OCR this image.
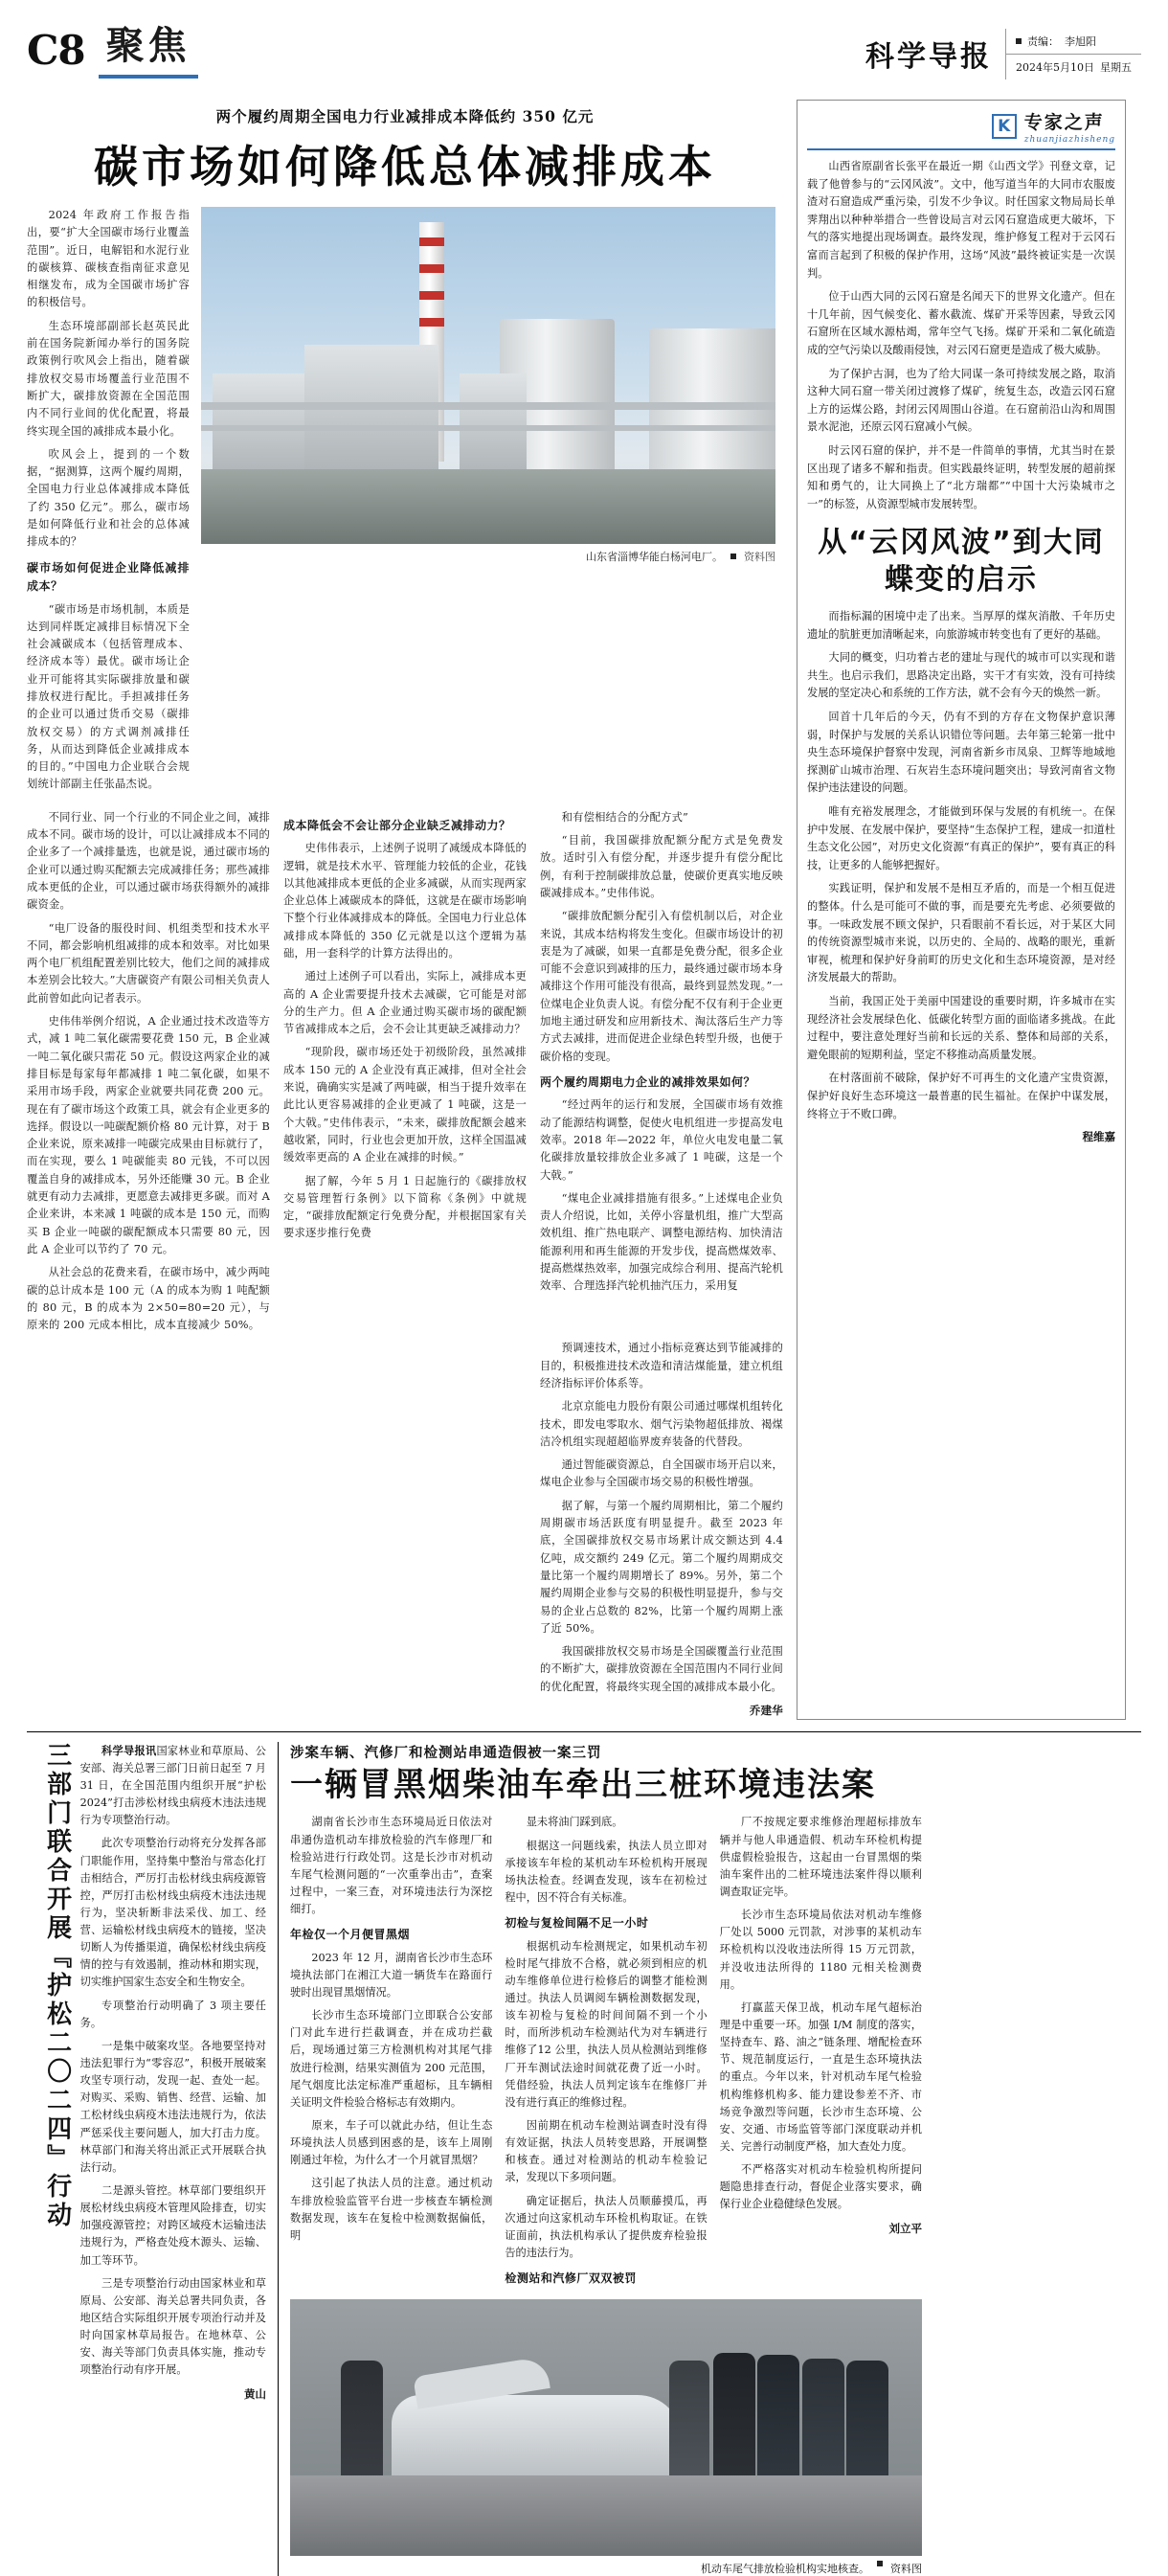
C8 聚焦	科学导报	责编： 李旭阳
2024年5月10日 星期五
两个履约周期全国电力行业减排成本降低约 350 亿元
碳市场如何降低总体减排成本

2024 年政府工作报告指出，要“扩大全国碳市场行业覆盖范围”。近日，电解铝和水泥行业的碳核算、碳核查指南征求意见相继发布，成为全国碳市场扩容的积极信号。

生态环境部副部长赵英民此前在国务院新闻办举行的国务院政策例行吹风会上指出，随着碳排放权交易市场覆盖行业范围不断扩大，碳排放资源在全国范围内不同行业间的优化配置，将最终实现全国的减排成本最小化。

吹风会上，提到的一个数据，“据测算，这两个履约周期，全国电力行业总体减排成本降低了约 350 亿元”。那么，碳市场是如何降低行业和社会的总体减排成本的？

碳市场如何促进企业降低减排成本？

“碳市场是市场机制，本质是达到同样既定减排目标情况下全社会减碳成本（包括管理成本、经济成本等）最优。碳市场让企业开可能将其实际碳排放量和碳排放权进行配比。手担减排任务的企业可以通过货币交易（碳排放权交易）的方式调剂减排任务，从而达到降低企业减排成本的目的。”中国电力企业联合会规划统计部副主任张晶杰说。

山东省淄博华能白杨河电厂。 资料图

不同行业、同一个行业的不同企业之间，减排成本不同。碳市场的设计，可以让减排成本不同的企业多了一个减排量选，也就是说，通过碳市场的企业可以通过购买配额去完成减排任务；那些减排成本更低的企业，可以通过碳市场获得额外的减排碳资金。

“电厂设备的服役时间、机组类型和技术水平不同，都会影响机组减排的成本和效率。对比如果两个电厂机组配置差别比较大，他们之间的减排成本差别会比较大。”大唐碳资产有限公司相关负责人此前曾如此向记者表示。

史伟伟举例介绍说，A 企业通过技术改造等方式，减 1 吨二氧化碳需要花费 150 元，B 企业减一吨二氧化碳只需花 50 元。假设这两家企业的减排目标是每家每年都减排 1 吨二氧化碳，如果不采用市场手段，两家企业就要共同花费 200 元。现在有了碳市场这个政策工具，就会有企业更多的选择。假设以一吨碳配额价格 80 元计算，对于 B 企业来说，原来减排一吨碳完成果由目标就行了，而在实现，要么 1 吨碳能卖 80 元钱，不可以因覆盖自身的减排成本，另外还能赚 30 元。B 企业就更有动力去减排，更愿意去减排更多碳。而对 A 企业来讲，本来减 1 吨碳的成本是 150 元，而购买 B 企业一吨碳的碳配额成本只需要 80 元，因此 A 企业可以节约了 70 元。

从社会总的花费来看，在碳市场中，减少两吨碳的总计成本是 100 元（A 的成本为购 1 吨配额的 80 元，B 的成本为 2×50=80=20 元），与原来的 200 元成本相比，成本直接减少 50%。

成本降低会不会让部分企业缺乏减排动力？

史伟伟表示，上述例子说明了减缓成本降低的逻辑，就是技术水平、管理能力较低的企业，花钱以其他减排成本更低的企业多减碳，从而实现两家企业总体上减碳成本的降低，这就是在碳市场影响下整个行业体减排成本的降低。全国电力行业总体减排成本降低的 350 亿元就是以这个逻辑为基础，用一套科学的计算方法得出的。

通过上述例子可以看出，实际上，减排成本更高的 A 企业需要提升技术去减碳，它可能是对部分的生产力。但 A 企业通过购买碳市场的碳配额节省减排成本之后，会不会让其更缺乏减排动力？

“现阶段，碳市场还处于初级阶段，虽然减排成本 150 元的 A 企业没有真正减排，但对全社会来说，确确实实是减了两吨碳，相当于提升效率在此比认更容易减排的企业更减了 1 吨碳，这是一个大戟。”史伟伟表示，“未来，碳排放配额会越来越收紧，同时，行业也会更加开放，这样全国温减缓效率更高的 A 企业在减排的时候。”

据了解，今年 5 月 1 日起施行的《碳排放权交易管理暂行条例》以下简称《条例》中就规定，“碳排放配额定行免费分配，并根据国家有关要求逐步推行免费

和有偿相结合的分配方式”

“目前，我国碳排放配额分配方式是免费发放。适时引入有偿分配，并逐步提升有偿分配比例，有利于控制碳排放总量，使碳价更真实地反映碳减排成本。”史伟伟说。

“碳排放配额分配引入有偿机制以后，对企业来说，其成本结构将发生变化。但碳市场设计的初衷是为了减碳，如果一直都是免费分配，很多企业可能不会意识到减排的压力，最终通过碳市场本身减排这个作用可能没有很高，最终到显然发现。”一位煤电企业负责人说。有偿分配不仅有利于企业更加地主通过研发和应用新技术、淘汰落后生产力等方式去减排，进而促进企业绿色转型升级，也便于碳价格的变现。

两个履约周期电力企业的减排效果如何？

“经过两年的运行和发展，全国碳市场有效推动了能源结构调整，促使火电机组进一步提高发电效率。2018 年—2022 年，单位火电发电量二氧化碳排放量较排放企业多减了 1 吨碳，这是一个大戟。”

“煤电企业减排措施有很多。”上述煤电企业负责人介绍说，比如，关停小容量机组，推广大型高效机组、推广热电联产、调整电源结构、加快清洁能源利用和再生能源的开发步伐，提高燃煤效率、提高燃煤热效率，加强完成综合利用、提高汽轮机效率、合理选择汽轮机抽汽压力，采用复

预调速技术，通过小指标竞赛达到节能减排的目的，积极推进技术改造和清洁煤能量，建立机组经济指标评价体系等。

北京京能电力股份有限公司通过哪煤机组转化技术，即发电零取水、烟气污染物超低排放、褐煤洁冷机组实现超超临界废弃装备的代替段。

通过智能碳资源总，自全国碳市场开启以来，煤电企业参与全国碳市场交易的积极性增强。

据了解，与第一个履约周期相比，第二个履约周期碳市场活跃度有明显提升。截至 2023 年底，全国碳排放权交易市场累计成交额达到 4.4 亿吨，成交额约 249 亿元。第二个履约周期成交量比第一个履约周期增长了 89%。另外，第二个履约周期企业参与交易的积极性明显提升，参与交易的企业占总数的 82%，比第一个履约周期上涨了近 50%。

我国碳排放权交易市场是全国碳覆盖行业范围的不断扩大，碳排放资源在全国范围内不同行业间的优化配置，将最终实现全国的减排成本最小化。

乔建华
K 专家之声
zhuanjiazhisheng

山西省原副省长张平在最近一期《山西文学》刊登文章，记载了他曾参与的“云冈风波”。文中，他写道当年的大同市农服废渣对石窟造成严重污染，引发不少争议。时任国家文物局局长单霁翔出以种种举措合一些曾设局言对云冈石窟造成更大破坏，下气的落实地提出现场调查。最终发现，维护修复工程对于云冈石富而言起到了积极的保护作用，这场“风波”最终被证实是一次误判。

位于山西大同的云冈石窟是名闻天下的世界文化遗产。但在十几年前，因气候变化、蓄水截流、煤矿开采等因素，导致云冈石窟所在区域水源枯竭，常年空气飞扬。煤矿开采和二氧化硫造成的空气污染以及酸雨侵蚀，对云冈石窟更是造成了极大威胁。

为了保护古洞，也为了给大同谋一条可持续发展之路，取消这种大同石窟一带关闭过渡修了煤矿，统复生态，改造云冈石窟上方的运煤公路，封闭云冈周围山谷道。在石窟前沿山沟和周围景水泥池，还原云冈石窟减小气候。

时云冈石窟的保护，并不是一件简单的事情，尤其当时在景区出现了诸多不解和指责。但实践最终证明，转型发展的超前探知和勇气的，让大同换上了“北方瑞都”“中国十大污染城市之一”的标签，从资源型城市发展转型。

从“云冈风波”到大同蝶变的启示

而指标漏的困境中走了出来。当厚厚的煤灰消散、千年历史遗址的肮脏更加清晰起来，向旅游城市转变也有了更好的基础。

大同的概变，归功着古老的建址与现代的城市可以实现和谐共生。也启示我们，思路决定出路，实干才有实效，没有可持续发展的坚定决心和系统的工作方法，就不会有今天的焕然一新。

回首十几年后的今天，仍有不到的方存在文物保护意识薄弱，时保护与发展的关系认识错位等问题。去年第三轮第一批中央生态环境保护督察中发现，河南省新乡市凤泉、卫辉等地域地探测矿山城市治理、石灰岩生态环境问题突出；导致河南省文物保护违法建设的问题。

唯有充裕发展理念，才能做到环保与发展的有机统一。在保护中发展、在发展中保护，要坚持“生态保护工程，建成一扣道杜生态文化公园”，对历史文化资源“有真正的保护”，要有真正的科技，让更多的人能够把握好。

实践证明，保护和发展不是相互矛盾的，而是一个相互促进的整体。什么是可能可不做的事，而是要充先考虑、必须要做的事。一味政发展不顾文保护，只看眼前不看长远，对于某区大同的传统资源型城市来说，以历史的、全局的、战略的眼光，重新审视，梳理和保护好身前町的历史文化和生态环境资源，是对经济发展最大的帮助。

当前，我国正处于美丽中国建设的重要时期，许多城市在实现经济社会发展绿色化、低碳化转型方面的面临诸多挑战。在此过程中，要注意处理好当前和长远的关系、整体和局部的关系，避免眼前的短期利益，坚定不移推动高质量发展。

在村落面前不破除，保护好不可再生的文化遗产宝贵资源，保护好良好生态环境这一最普惠的民生福祉。在保护中谋发展，终将立于不败口碑。

程维嘉
三部门联合开展『护松二〇二四』行动	科学导报讯国家林业和草原局、公安部、海关总署三部门日前日起至 7 月 31 日，在全国范围内组织开展“护松 2024”打击涉松材线虫病疫木违法违规行为专项整治行动。

此次专项整治行动将充分发挥各部门职能作用，坚持集中整治与常态化打击相结合，严厉打击松材线虫病疫源管控，严厉打击松材线虫病疫木违法违规行为，坚决斩断非法采伐、加工、经营、运输松材线虫病疫木的链接，坚决切断人为传播渠道，确保松材线虫病疫情的控与有效遏制，推动林和期实现，切实维护国家生态安全和生物安全。

专项整治行动明确了 3 项主要任务。

一是集中破案攻坚。各地要坚持对违法犯罪行为“零容忍”，积极开展破案攻坚专项行动，发现一起、查处一起。对购买、采购、销售、经营、运输、加工松材线虫病疫木违法违规行为，依法严惩采伐主要问题人，加大打击力度。林草部门和海关将出派正式开展联合执法行动。

二是源头管控。林草部门要组织开展松材线虫病疫木管理风险排查，切实加强疫源管控；对跨区域疫木运输违法违规行为，严格查处疫木源头、运输、加工等环节。

三是专项整治行动由国家林业和草原局、公安部、海关总署共同负责，各地区结合实际组织开展专项治行动并及时向国家林草局报告。在地林草、公安、海关等部门负责具体实施，推动专项整治行动有序开展。

黄山
涉案车辆、汽修厂和检测站串通造假被一案三罚
一辆冒黑烟柴油车牵出三桩环境违法案

湖南省长沙市生态环境局近日依法对串通伪造机动车排放检验的汽车修理厂和检验站进行行政处罚。这是长沙市对机动车尾气检测问题的“一次重拳出击”，查案过程中，一案三查，对环境违法行为深挖细打。

年检仅一个月便冒黑烟

2023 年 12 月，湖南省长沙市生态环境执法部门在湘江大道一辆货车在路面行驶时出现冒黑烟情况。

长沙市生态环境部门立即联合公安部门对此车进行拦截调查，并在成功拦截后，现场通过第三方检测机构对其尾气排放进行检测，结果实测值为 200 元范围，尾气烟度比法定标准严重超标，且车辆相关证明文件检验合格标志有效期内。

原来，车子可以就此办结，但让生态环境执法人员感到困惑的是，该车上周刚刚通过年检，为什么才一个月就冒黑烟？

这引起了执法人员的注意。通过机动车排放检验监管平台进一步核查车辆检测数据发现，该车在复检中检测数据偏低，明

显未将油门踩到底。

根据这一问题线索，执法人员立即对承接该车年检的某机动车环检机构开展现场执法检查。经调查发现，该车在初检过程中，因不符合有关标准。

初检与复检间隔不足一小时

根据机动车检测规定，如果机动车初检时尾气排放不合格，就必须到相应的机动车维修单位进行检修后的调整才能检测通过。执法人员调阅车辆检测数据发现，该车初检与复检的时间间隔不到一个小时，而所涉机动车检测站代为对车辆进行维修了12 公里，执法人员从检测站到维修厂开车测试法途时间就花费了近一小时。凭借经验，执法人员判定该车在维修厂并没有进行真正的维修过程。

因前期在机动车检测站调查时没有得有效证据，执法人员转变思路，开展调整和核查。通过对检测站的机动车检验记录，发现以下多项问题。

确定证据后，执法人员顺藤摸瓜，再次通过向这家机动车环检机构取证。在铁证面前，执法机构承认了提供废弃检验报告的违法行为。

检测站和汽修厂双双被罚

厂不按规定要求维修治理超标排放车辆并与他人串通造假、机动车环检机构提供虚假检验报告，这起由一台冒黑烟的柴油车案件出的二桩环境违法案件得以顺利调查取证完毕。

长沙市生态环境局依法对机动车维修厂处以 5000 元罚款，对涉事的某机动车环检机构以没收违法所得 15 万元罚款，并没收违法所得的 1180 元相关检测费用。

打赢蓝天保卫战，机动车尾气超标治理是中重要一环。加强 I/M 制度的落实，坚持查车、路、油之”链条理、增配检查环节、规范制度运行，一直是生态环境执法的重点。今年以来，针对机动车尾气检验机构维修机构多、能力建设参差不齐、市场竞争激烈等问题，长沙市生态环境、公安、交通、市场监管等部门深度联动并机关、完善行动制度严格，加大查处力度。

不严格落实对机动车检验机构所提问题隐患排查行动，督促企业落实要求，确保行业企业稳健绿色发展。

刘立平
机动车尾气排放检验机构实地核查。 资料图
